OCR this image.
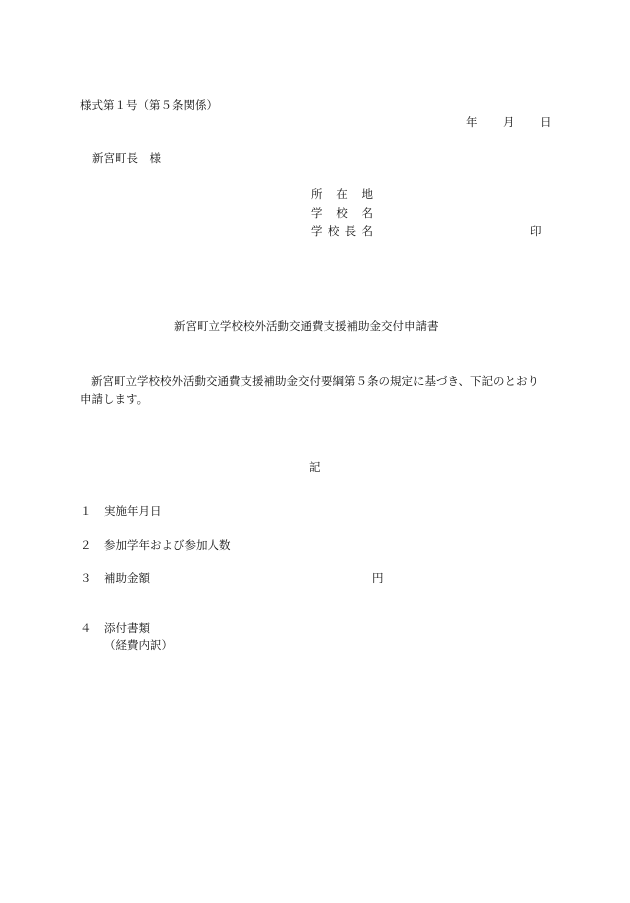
様式第１号（第５条関係）
年 月 日
新宮町長　様
所在地
学校名
学校長名	印
新宮町立学校校外活動交通費支援補助金交付申請書
新宮町立学校校外活動交通費支援補助金交付要綱第５条の規定に基づき、下記のとおり申請します。
記
１ 実施年月日
２ 参加学年および参加人数
３ 補助金額	円
４ 添付書類
（経費内訳）
